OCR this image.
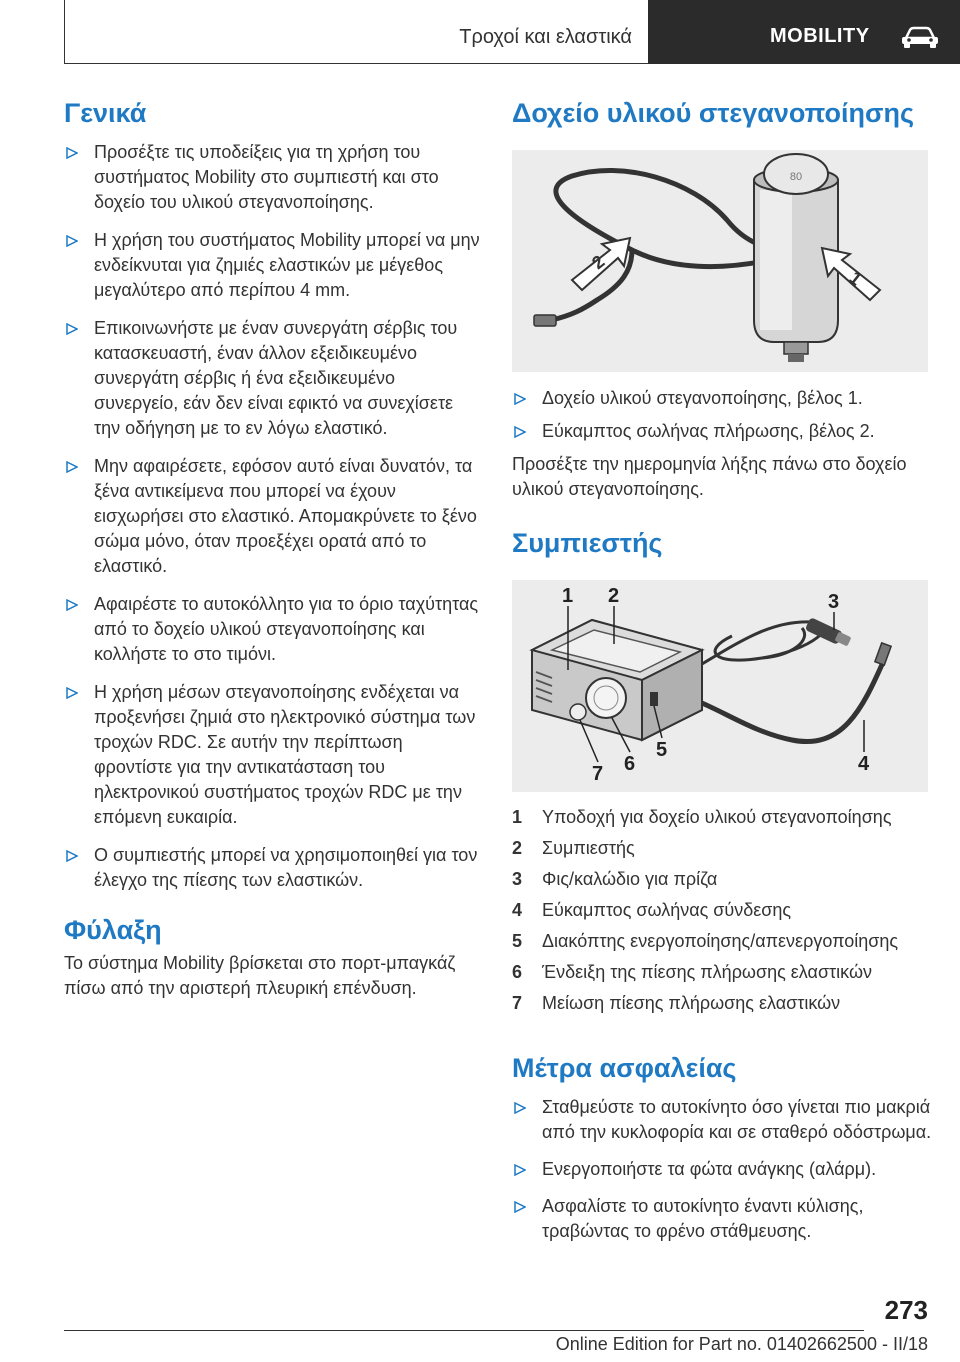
Τροχοί και ελαστικά	MOBILITY
Γενικά
Προσέξτε τις υποδείξεις για τη χρήση του συστήματος Mobility στο συμπιεστή και στο δοχείο του υλικού στεγανοποίησης.
Η χρήση του συστήματος Mobility μπορεί να μην ενδείκνυται για ζημιές ελαστικών με μέγεθος μεγαλύτερο από περίπου 4 mm.
Επικοινωνήστε με έναν συνεργάτη σέρβις του κατασκευαστή, έναν άλλον εξειδικευμένο συνεργάτη σέρβις ή ένα εξειδικευμένο συνεργείο, εάν δεν είναι εφικτό να συνεχίσετε την οδήγηση με το εν λόγω ελαστικό.
Μην αφαιρέσετε, εφόσον αυτό είναι δυνατόν, τα ξένα αντικείμενα που μπορεί να έχουν εισχωρήσει στο ελαστικό. Απομακρύνετε το ξένο σώμα μόνο, όταν προεξέχει ορατά από το ελαστικό.
Αφαιρέστε το αυτοκόλλητο για το όριο ταχύτητας από το δοχείο υλικού στεγανοποίησης και κολλήστε το στο τιμόνι.
Η χρήση μέσων στεγανοποίησης ενδέχεται να προξενήσει ζημιά στο ηλεκτρονικό σύστημα των τροχών RDC. Σε αυτήν την περίπτωση φροντίστε για την αντικατάσταση του ηλεκτρονικού συστήματος τροχών RDC με την επόμενη ευκαιρία.
Ο συμπιεστής μπορεί να χρησιμοποιηθεί για τον έλεγχο της πίεσης των ελαστικών.
Φύλαξη

Το σύστημα Mobility βρίσκεται στο πορτ-μπαγκάζ πίσω από την αριστερή πλευρική επένδυση.

Δοχείο υλικού στεγανοποίησης
80
2
1
Δοχείο υλικού στεγανοποίησης, βέλος 1.
Εύκαμπτος σωλήνας πλήρωσης, βέλος 2.

Προσέξτε την ημερομηνία λήξης πάνω στο δοχείο υλικού στεγανοποίησης.

Συμπιεστής
1 2	3
4
5
6
7
1 Υποδοχή για δοχείο υλικού στεγανοποίησης
2 Συμπιεστής
3 Φις/καλώδιο για πρίζα
4 Εύκαμπτος σωλήνας σύνδεσης
5 Διακόπτης ενεργοποίησης/απενεργοποίησης
6 Ένδειξη της πίεσης πλήρωσης ελαστικών
7 Μείωση πίεσης πλήρωσης ελαστικών
Μέτρα ασφαλείας
Σταθμεύστε το αυτοκίνητο όσο γίνεται πιο μακριά από την κυκλοφορία και σε σταθερό οδόστρωμα.
Ενεργοποιήστε τα φώτα ανάγκης (αλάρμ).
Ασφαλίστε το αυτοκίνητο έναντι κύλισης, τραβώντας το φρένο στάθμευσης.
273
Online Edition for Part no. 01402662500 - II/18
